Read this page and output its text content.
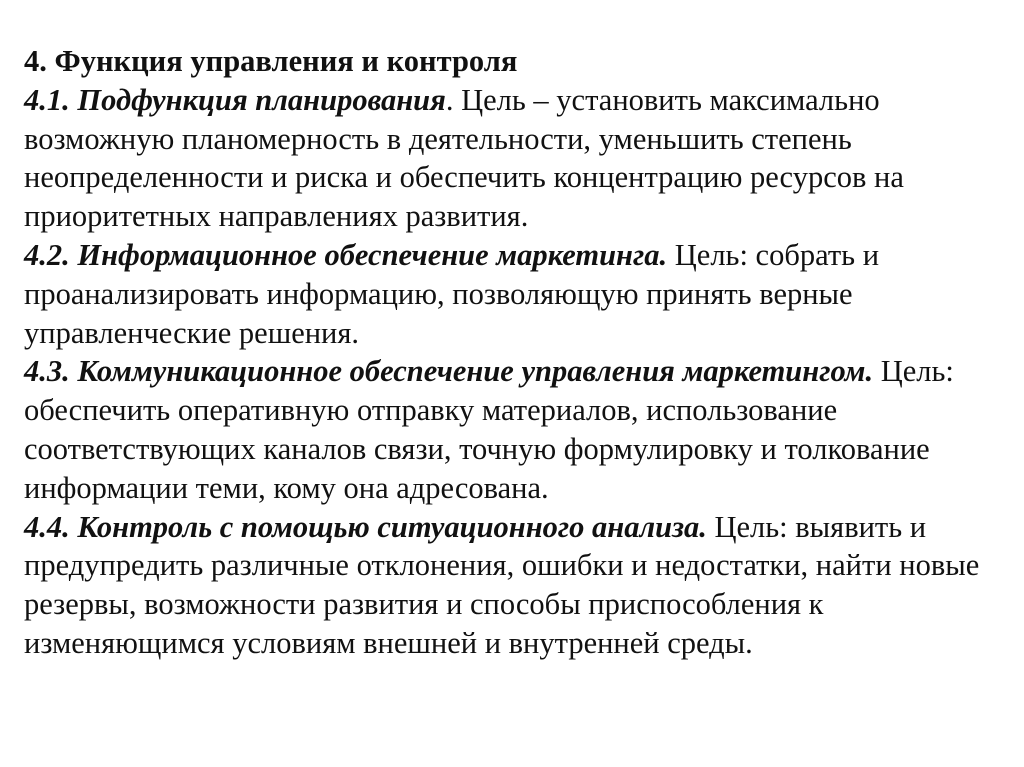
4. Функция управления и контроля

4.1. Подфункция планирования. Цель – установить максимально возможную планомерность в деятельности, уменьшить степень неопределенности и риска и обеспечить концентрацию ресурсов на приоритетных направлениях развития.

4.2. Информационное обеспечение маркетинга. Цель: собрать и проанализировать информацию, позволяющую принять верные управленческие решения.

4.3. Коммуникационное обеспечение управления маркетингом. Цель: обеспечить оперативную отправку материалов, использование соответствующих каналов связи, точную формулировку и толкование информации теми, кому она адресована.

4.4. Контроль с помощью ситуационного анализа. Цель: выявить и предупредить различные отклонения, ошибки и недостатки, найти новые резервы, возможности развития и способы приспособления к изменяющимся условиям внешней и внутренней среды.
